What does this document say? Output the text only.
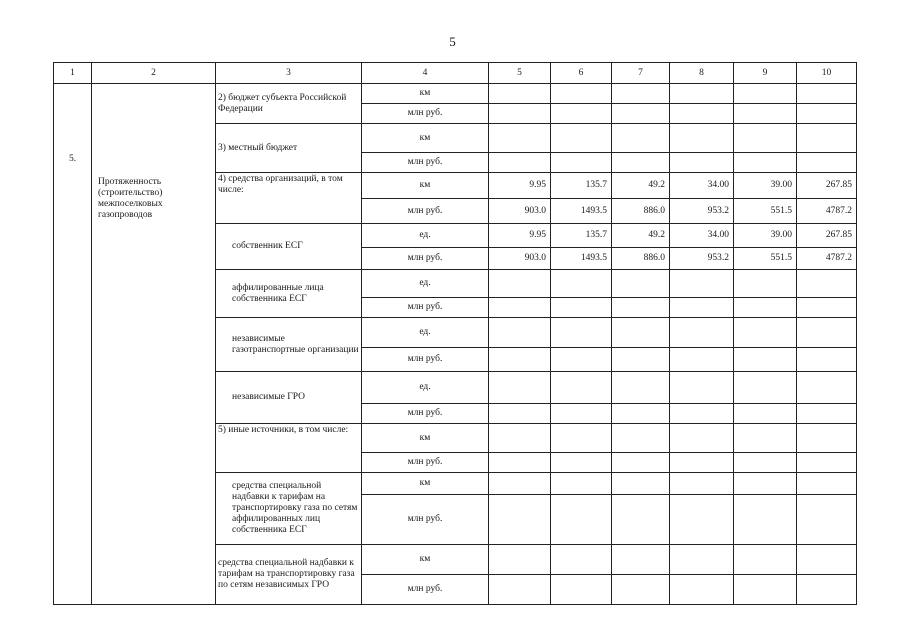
5
1	2	3	4	5	6	7	8	9	10
5.	Протяженность (строительство) межпоселковых газопроводов	2) бюджет субъекта Российской Федерации	км						
			млн руб.						
		3) местный бюджет	км						
			млн руб.						
		4) средства организаций, в том числе:	км	9.95	135.7	49.2	34.00	39.00	267.85
			млн руб.	903.0	1493.5	886.0	953.2	551.5	4787.2
		собственник ЕСГ	ед.	9.95	135.7	49.2	34.00	39.00	267.85
			млн руб.	903.0	1493.5	886.0	953.2	551.5	4787.2
		аффилированные лица собственника ЕСГ	ед.						
			млн руб.						
		независимые газотранспортные организации	ед.						
			млн руб.						
		независимые ГРО	ед.						
			млн руб.						
		5) иные источники, в том числе:	км						
			млн руб.						
		средства специальной надбавки к тарифам на транспортировку газа по сетям аффилированных лиц собственника ЕСГ	км						
			млн руб.						
		средства специальной надбавки к тарифам на транспортировку газа по сетям независимых ГРО	км						
			млн руб.						
